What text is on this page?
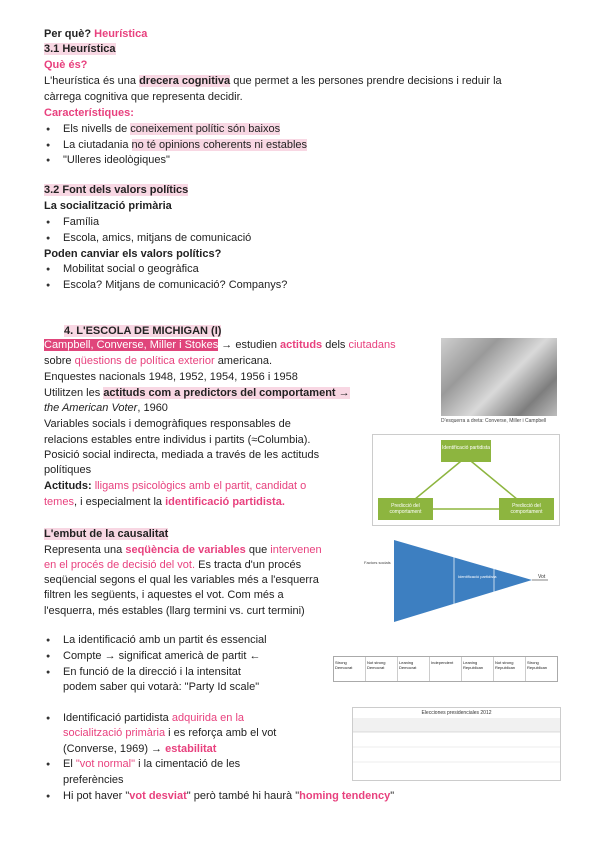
Per què? Heurística
3.1 Heurística
Què és?
L'heurística és una drecera cognitiva que permet a les persones prendre decisions i reduir la
càrrega cognitiva que representa decidir.
Característiques:
● Els nivells de coneixement polític són baixos
● La ciutadania no té opinions coherents ni estables
● "Ulleres ideològiques"
3.2 Font dels valors polítics
La socialització primària
● Família
● Escola, amics, mitjans de comunicació
Poden canviar els valors polítics?
● Mobilitat social o geogràfica
● Escola? Mitjans de comunicació? Companys?
4. L'ESCOLA DE MICHIGAN (I)
Campbell, Converse, Miller i Stokes → estudien actituds dels ciutadans
sobre qüestions de política exterior americana.
Enquestes nacionals 1948, 1952, 1954, 1956 i 1958
Utilitzen les actituds com a predictors del comportament →
the American Voter, 1960
Variables socials i demogràfiques responsables de
relacions estables entre individus i partits (≈Columbia).
Posició social indirecta, mediada a través de les actituds
polítiques
Actituds: lligams psicològics amb el partit, candidat o
temes, i especialment la identificació partidista.
D'esquerra a dreta: Converse, Miller i Campbell
Identificació partidista
Predicció del comportament
Predicció del comportament
L'embut de la causalitat
Representa una seqüència de variables que intervenen
en el procés de decisió del vot. Es tracta d'un procés
seqüencial segons el qual les variables més a l'esquerra
filtren les següents, i aquestes el vot. Com més a
l'esquerra, més estables (llarg termini vs. curt termini)
Factors socials
Identificació partidista	Vot
● La identificació amb un partit és essencial
● Compte → significat americà de partit ←
● En funció de la direcció i la intensitat
podem saber qui votarà: "Party Id scale"
● Identificació partidista adquirida en la
socialització primària i es reforça amb el vot
(Converse, 1969) → estabilitat
● El "vot normal" i la cimentació de les
preferències
● Hi pot haver "vot desviat" però també hi haurà "homing tendency"
Strong Democrat
Not strong Democrat
Leaning Democrat
Independent	Leaning Republican
Not strong Republican
Strong Republican
Elecciones presidenciales 2012
